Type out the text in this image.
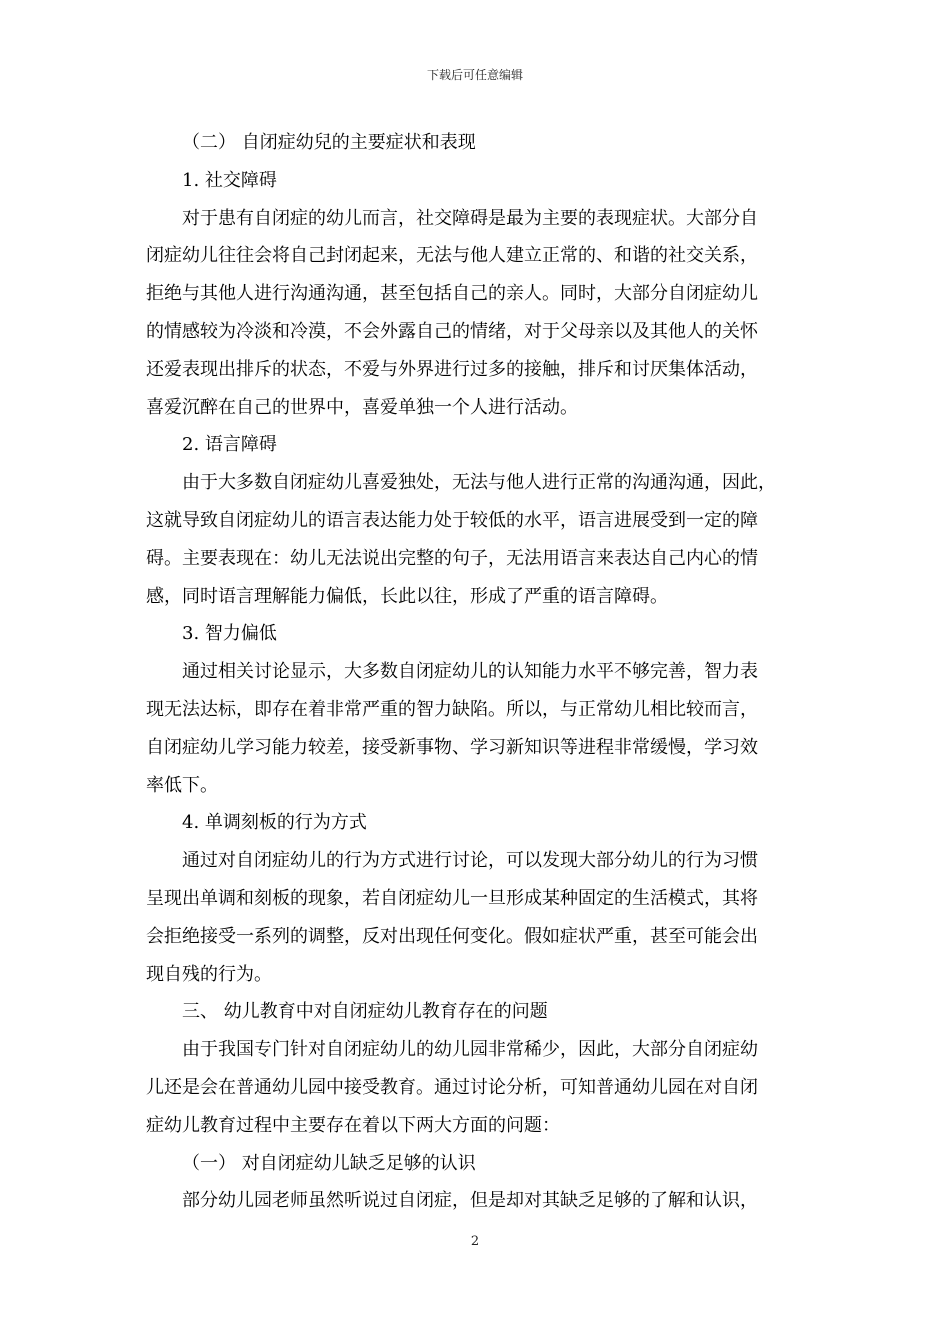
下载后可任意编辑
（二） 自闭症幼兒的主要症状和表现
1. 社交障碍
对于患有自闭症的幼儿而言，社交障碍是最为主要的表现症状。大部分自
闭症幼儿往往会将自己封闭起来，无法与他人建立正常的、和谐的社交关系，
拒绝与其他人进行沟通沟通，甚至包括自己的亲人。同时，大部分自闭症幼儿
的情感较为冷淡和冷漠，不会外露自己的情绪，对于父母亲以及其他人的关怀
还爱表现出排斥的状态，不爱与外界进行过多的接触，排斥和讨厌集体活动，
喜爱沉醉在自己的世界中，喜爱单独一个人进行活动。
2. 语言障碍
由于大多数自闭症幼儿喜爱独处，无法与他人进行正常的沟通沟通，因此，
这就导致自闭症幼儿的语言表达能力处于较低的水平，语言进展受到一定的障
碍。主要表现在：幼儿无法说出完整的句子，无法用语言来表达自己内心的情
感，同时语言理解能力偏低，长此以往，形成了严重的语言障碍。
3. 智力偏低
通过相关讨论显示，大多数自闭症幼儿的认知能力水平不够完善，智力表
现无法达标，即存在着非常严重的智力缺陷。所以，与正常幼儿相比较而言，
自闭症幼儿学习能力较差，接受新事物、学习新知识等进程非常缓慢，学习效
率低下。
4. 单调刻板的行为方式
通过对自闭症幼儿的行为方式进行讨论，可以发现大部分幼儿的行为习惯
呈现出单调和刻板的现象，若自闭症幼儿一旦形成某种固定的生活模式，其将
会拒绝接受一系列的调整，反对出现任何变化。假如症状严重，甚至可能会出
现自残的行为。
三、 幼儿教育中对自闭症幼儿教育存在的问题
由于我国专门针对自闭症幼儿的幼儿园非常稀少，因此，大部分自闭症幼
儿还是会在普通幼儿园中接受教育。通过讨论分析，可知普通幼儿园在对自闭
症幼儿教育过程中主要存在着以下两大方面的问题：
（一） 对自闭症幼儿缺乏足够的认识
部分幼儿园老师虽然听说过自闭症，但是却对其缺乏足够的了解和认识，
2
